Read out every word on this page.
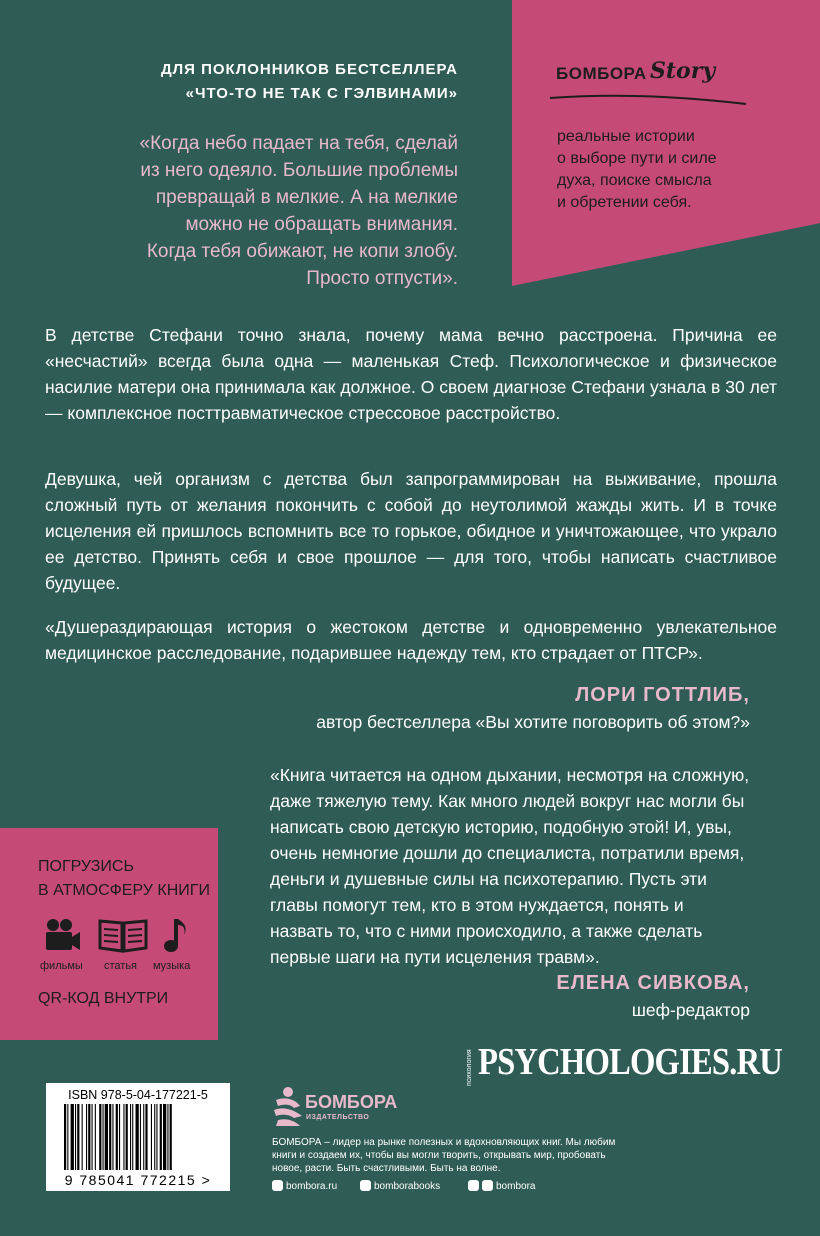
БОМБОРА Story
реальные истории
о выборе пути и силе
духа, поиске смысла
и обретении себя.
ДЛЯ ПОКЛОННИКОВ БЕСТСЕЛЛЕРА
«ЧТО-ТО НЕ ТАК С ГЭЛВИНАМИ»
«Когда небо падает на тебя, сделай
из него одеяло. Большие проблемы
превращай в мелкие. А на мелкие
можно не обращать внимания.
Когда тебя обижают, не копи злобу.
Просто отпусти».

В детстве Стефани точно знала, почему мама вечно расстроена. Причина ее «несчастий» всегда была одна — маленькая Стеф. Психологическое и физическое насилие матери она принимала как должное. О своем диагнозе Стефани узнала в 30 лет — комплексное посттравматическое стрессовое расстройство.

Девушка, чей организм с детства был запрограммирован на выживание, прошла сложный путь от желания покончить с собой до неутолимой жажды жить. И в точке исцеления ей пришлось вспомнить все то горькое, обидное и уничтожающее, что украло ее детство. Принять себя и свое прошлое — для того, чтобы написать счастливое будущее.

«Душераздирающая история о жестоком детстве и одновременно увлекательное медицинское расследование, подарившее надежду тем, кто страдает от ПТСР».

ЛОРИ ГОТТЛИБ,
автор бестселлера «Вы хотите поговорить об этом?»

«Книга читается на одном дыхании, несмотря на сложную, даже тяжелую тему. Как много людей вокруг нас могли бы написать свою детскую историю, подобную этой! И, увы, очень немногие дошли до специалиста, потратили время, деньги и душевные силы на психотерапию. Пусть эти главы помогут тем, кто в этом нуждается, понять и назвать то, что с ними происходило, а также сделать первые шаги на пути исцеления травм».

ЕЛЕНА СИВКОВА,
шеф-редактор
психология PSYCHOLOGIES.RU
ПОГРУЗИСЬ
В АТМОСФЕРУ КНИГИ
фильмы статья музыка
QR-КОД ВНУТРИ
ISBN 978-5-04-177221-5
9 785041 772215 >
БОМБОРА
ИЗДАТЕЛЬСТВО

БОМБОРА – лидер на рынке полезных и вдохновляющих книг. Мы любим книги и создаем их, чтобы вы могли творить, открывать мир, пробовать новое, расти. Быть счастливыми. Быть на волне.

bombora.ru	bomborabooks	bombora
